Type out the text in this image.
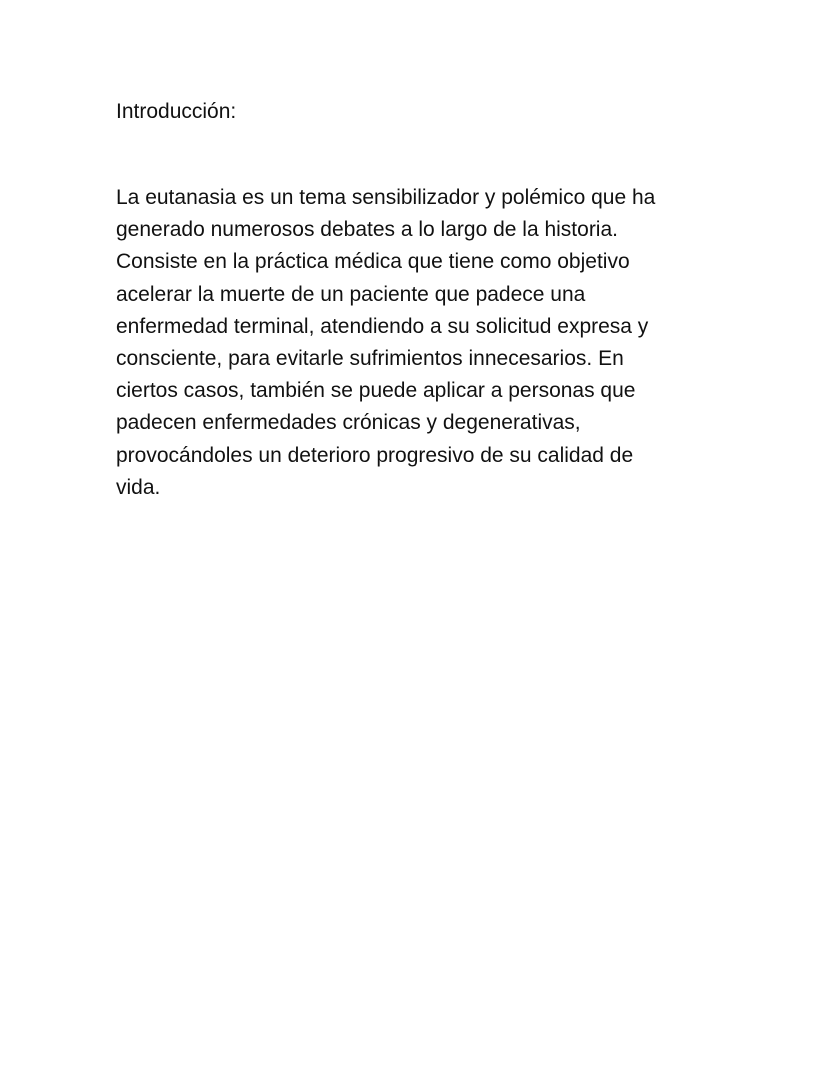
Introducción:

La eutanasia es un tema sensibilizador y polémico que ha
generado numerosos debates a lo largo de la historia.
Consiste en la práctica médica que tiene como objetivo
acelerar la muerte de un paciente que padece una
enfermedad terminal, atendiendo a su solicitud expresa y
consciente, para evitarle sufrimientos innecesarios. En
ciertos casos, también se puede aplicar a personas que
padecen enfermedades crónicas y degenerativas,
provocándoles un deterioro progresivo de su calidad de
vida.
